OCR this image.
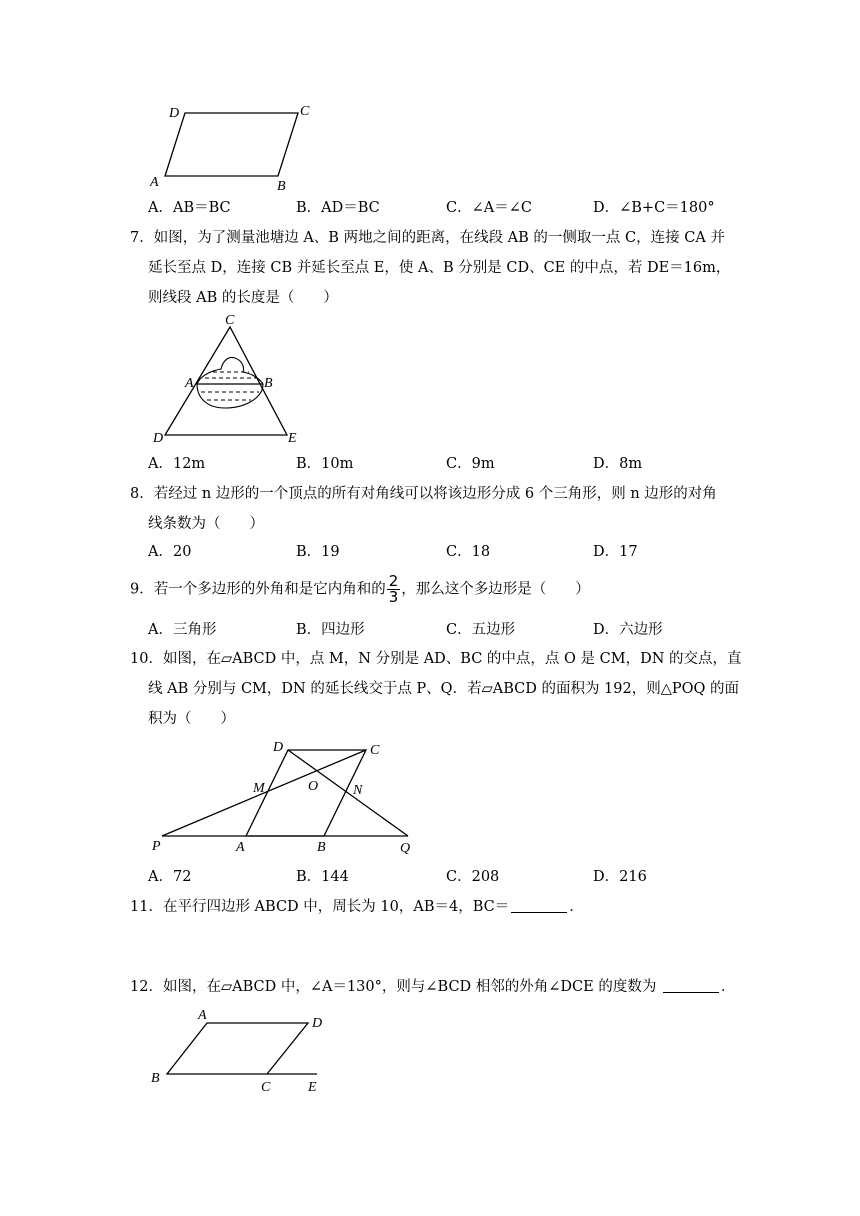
D	C
A	B
A．AB＝BC	B．AD＝BC	C．∠A＝∠C	D．∠B+C＝180°
7．如图，为了测量池塘边 A、B 两地之间的距离，在线段 AB 的一侧取一点 C，连接 CA 并
延长至点 D，连接 CB 并延长至点 E，使 A、B 分别是 CD、CE 的中点，若 DE＝16m，
则线段 AB 的长度是（　　）
C
A	B
D	E
A．12m	B．10m	C．9m	D．8m
8．若经过 n 边形的一个顶点的所有对角线可以将该边形分成 6 个三角形，则 n 边形的对角
线条数为（　　）
A．20	B．19	C．18	D．17
9．若一个多边形的外角和是它内角和的 $\frac{2}{3}$ ，那么这个多边形是（　　）
A．三角形	B．四边形	C．五边形	D．六边形
10．如图，在▱ABCD 中，点 M，N 分别是 AD、BC 的中点，点 O 是 CM，DN 的交点，直
线 AB 分别与 CM，DN 的延长线交于点 P、Q．若▱ABCD 的面积为 192，则△POQ 的面
积为（　　）
D	C
M	O N
P	A	B	Q
A．72	B．144	C．208	D．216
11．在平行四边形 ABCD 中，周长为 10，AB＝4，BC＝	．
12．如图，在▱ABCD 中，∠A＝130°，则与∠BCD 相邻的外角∠DCE 的度数为	．
A
D
B
C	E
